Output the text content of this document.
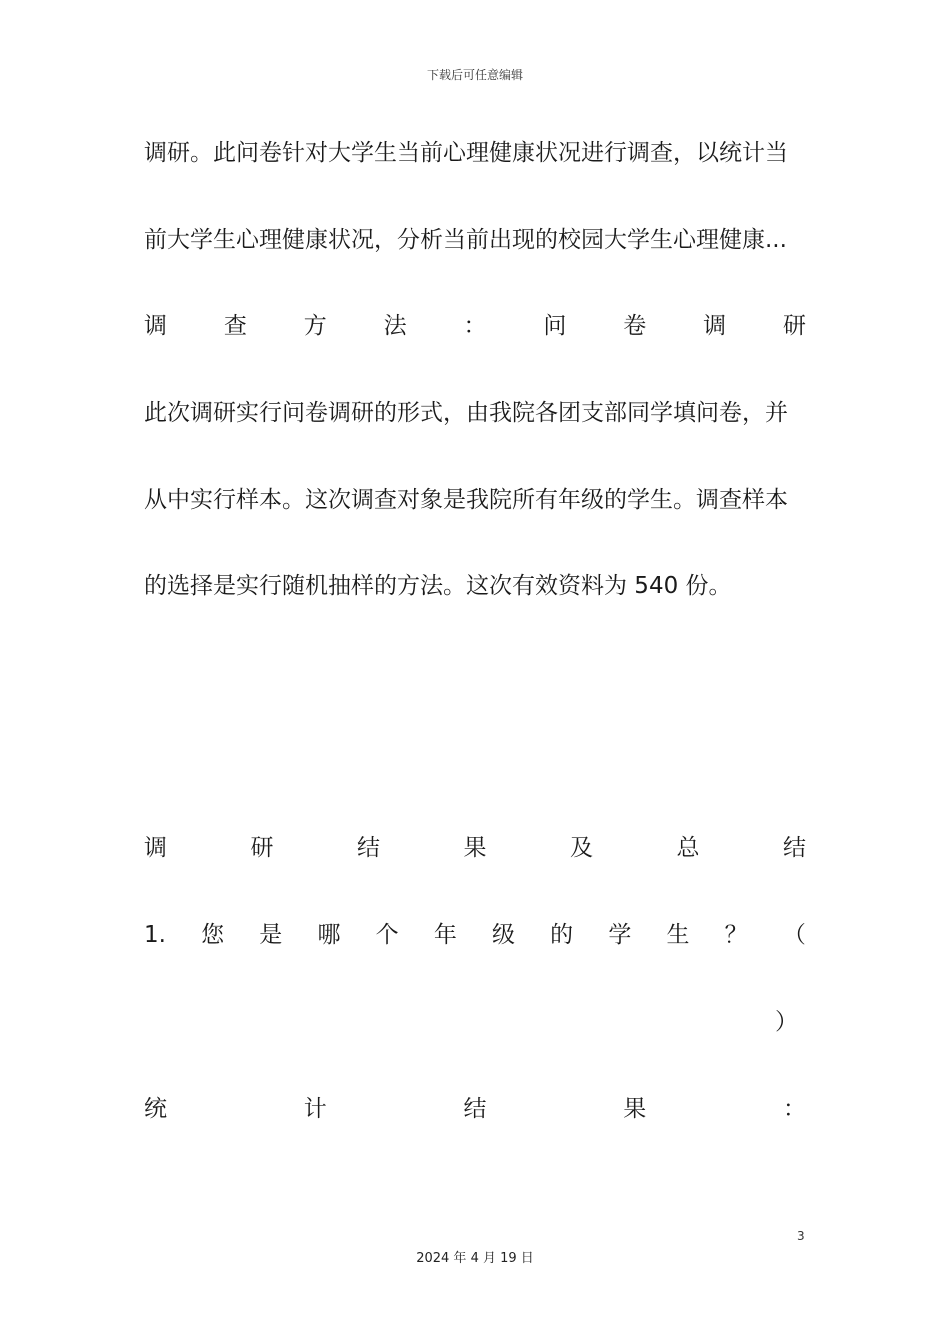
下载后可任意编辑
调研。此问卷针对大学生当前心理健康状况进行调查，以统计当
前大学生心理健康状况，分析当前出现的校园大学生心理健康...
调 查 方 法 ： 问 卷 调 研
此次调研实行问卷调研的形式，由我院各团支部同学填问卷，并
从中实行样本。这次调查对象是我院所有年级的学生。调查样本
的选择是实行随机抽样的方法。这次有效资料为 540 份。
调	研	结	果	及	总	结
1. 您 是 哪 个 年 级 的 学 生 ？ （
）
统	计	结	果	：
3
2024 年 4 月 19 日
